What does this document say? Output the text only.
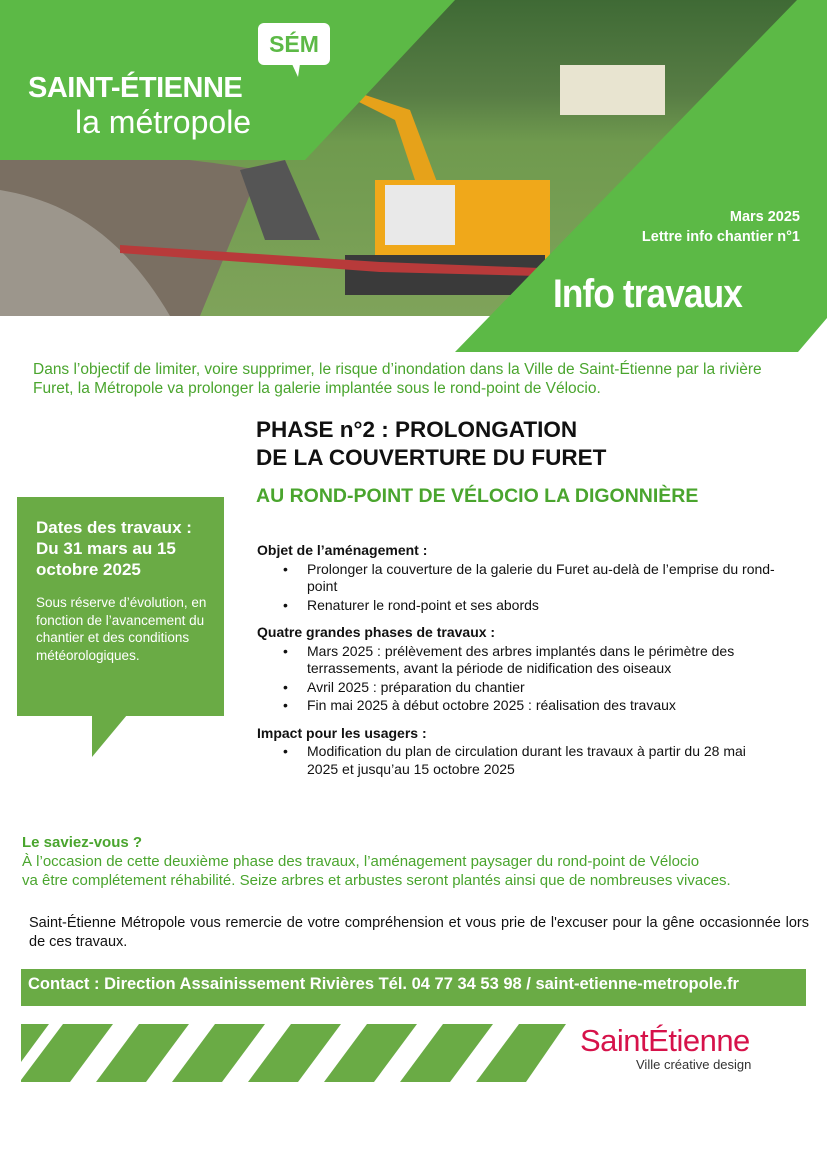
SÉM
SAINT-ÉTIENNE
la métropole
Mars 2025
Lettre info chantier n°1
Info travaux
Dans l’objectif de limiter, voire supprimer, le risque d’inondation dans la Ville de Saint-Étienne par la rivière Furet, la Métropole va prolonger la galerie implantée sous le rond-point de Vélocio.
PHASE n°2 : PROLONGATION
DE LA COUVERTURE DU FURET
AU ROND-POINT DE VÉLOCIO LA DIGONNIÈRE
Dates des travaux : Du 31 mars au 15 octobre 2025

Sous réserve d’évolution, en fonction de l’avancement du chantier et des conditions météorologiques.

Objet de l’aménagement :
• Prolonger la couverture de la galerie du Furet au-delà de l’emprise du rond-point
• Renaturer le rond-point et ses abords
Quatre grandes phases de travaux :
• Mars 2025 : prélèvement des arbres implantés dans le périmètre des terrassements, avant la période de nidification des oiseaux
• Avril 2025 : préparation du chantier
• Fin mai 2025 à début octobre 2025 : réalisation des travaux
Impact pour les usagers :
• Modification du plan de circulation durant les travaux à partir du 28 mai 2025 et jusqu’au 15 octobre 2025
Le saviez-vous ?
À l’occasion de cette deuxième phase des travaux, l’aménagement paysager du rond-point de Vélocio
va être complétement réhabilité. Seize arbres et arbustes seront plantés ainsi que de nombreuses vivaces.
Saint-Étienne Métropole vous remercie de votre compréhension et vous prie de l'excuser pour la gêne occasionnée lors de ces travaux.
Contact : Direction Assainissement Rivières Tél. 04 77 34 53 98 / saint-etienne-metropole.fr
SaintÉtienne
Ville créative design
